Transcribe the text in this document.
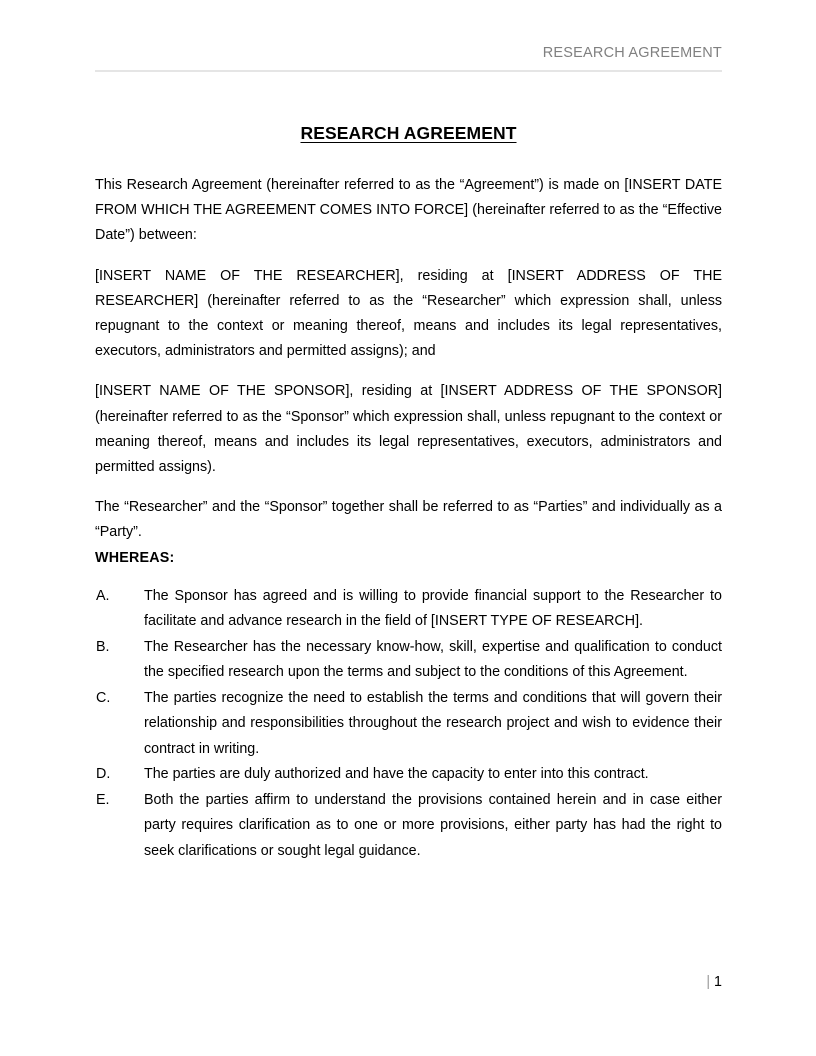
RESEARCH AGREEMENT
RESEARCH AGREEMENT

This Research Agreement (hereinafter referred to as the “Agreement”) is made on [INSERT DATE FROM WHICH THE AGREEMENT COMES INTO FORCE] (hereinafter referred to as the “Effective Date”) between:

[INSERT NAME OF THE RESEARCHER], residing at [INSERT ADDRESS OF THE RESEARCHER] (hereinafter referred to as the “Researcher” which expression shall, unless repugnant to the context or meaning thereof, means and includes its legal representatives, executors, administrators and permitted assigns); and

[INSERT NAME OF THE SPONSOR], residing at [INSERT ADDRESS OF THE SPONSOR] (hereinafter referred to as the “Sponsor” which expression shall, unless repugnant to the context or meaning thereof, means and includes its legal representatives, executors, administrators and permitted assigns).

The “Researcher” and the “Sponsor” together shall be referred to as “Parties” and individually as a “Party”.

WHEREAS:
A. The Sponsor has agreed and is willing to provide financial support to the Researcher to facilitate and advance research in the field of [INSERT TYPE OF RESEARCH].
B. The Researcher has the necessary know-how, skill, expertise and qualification to conduct the specified research upon the terms and subject to the conditions of this Agreement.
C. The parties recognize the need to establish the terms and conditions that will govern their relationship and responsibilities throughout the research project and wish to evidence their contract in writing.
D. The parties are duly authorized and have the capacity to enter into this contract.
E. Both the parties affirm to understand the provisions contained herein and in case either party requires clarification as to one or more provisions, either party has had the right to seek clarifications or sought legal guidance.
| 1
